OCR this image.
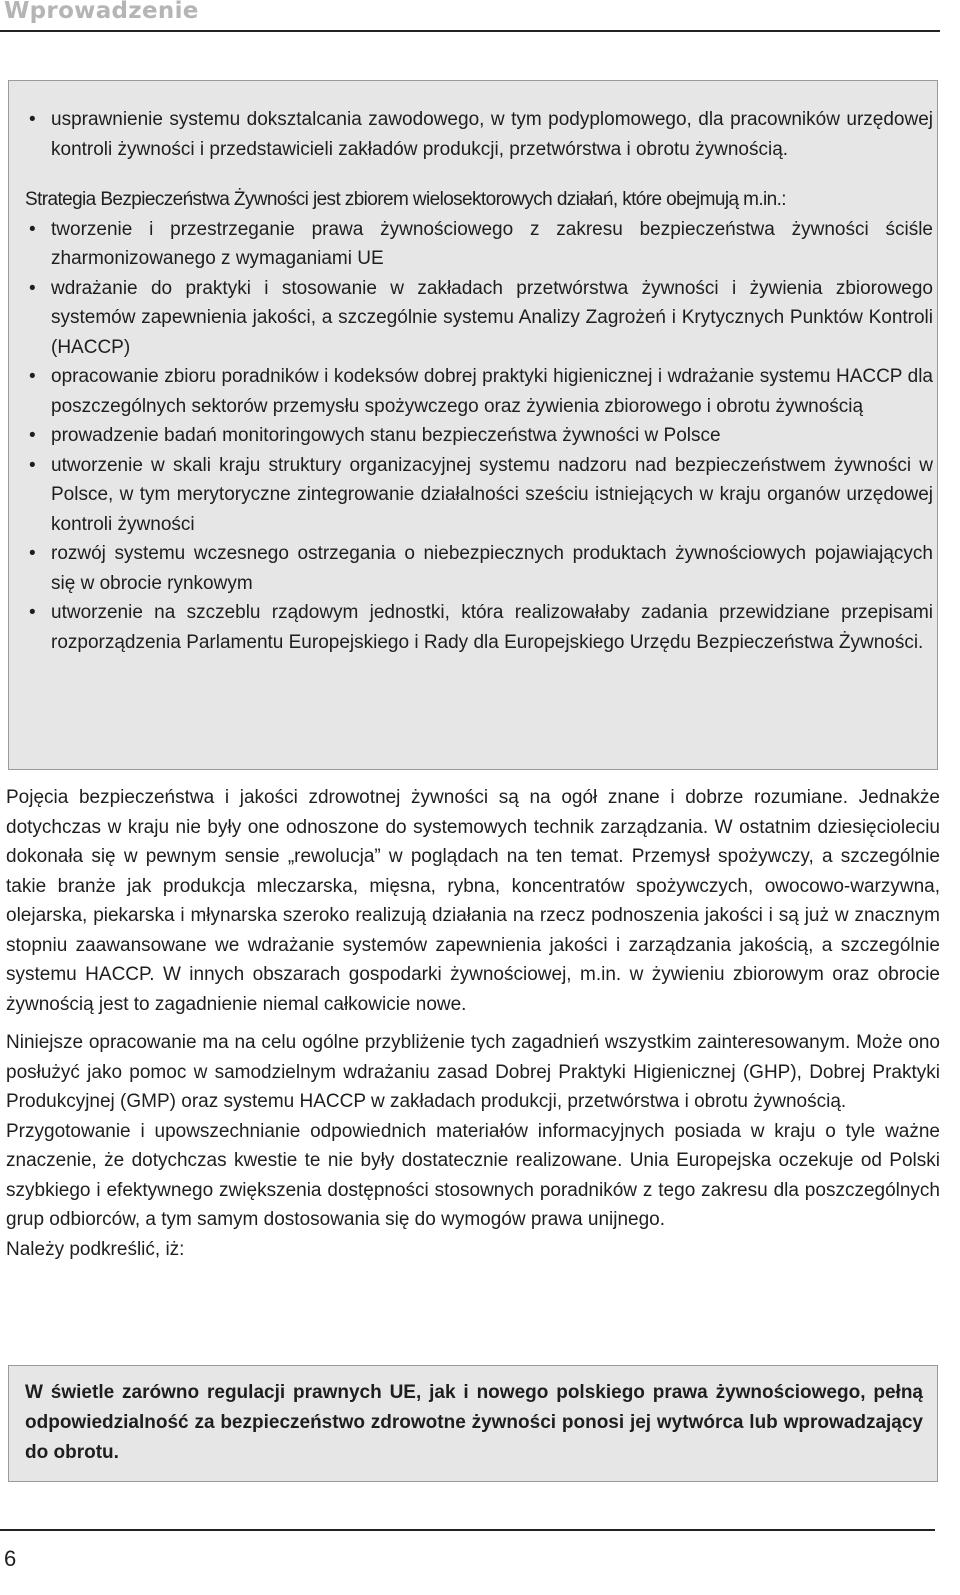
Wprowadzenie
• usprawnienie systemu doksztalcania zawodowego, w tym podyplomowego, dla pracowników urzędowej kontroli żywności i przedstawicieli zakładów produkcji, przetwórstwa i obrotu żywnością.
Strategia Bezpieczeństwa Żywności jest zbiorem wielosektorowych działań, które obejmują m.in.:
• tworzenie i przestrzeganie prawa żywnościowego z zakresu bezpieczeństwa żywności ściśle zharmonizowanego z wymaganiami UE
• wdrażanie do praktyki i stosowanie w zakładach przetwórstwa żywności i żywienia zbiorowego systemów zapewnienia jakości, a szczególnie systemu Analizy Zagrożeń i Krytycznych Punktów Kontroli (HACCP)
• opracowanie zbioru poradników i kodeksów dobrej praktyki higienicznej i wdrażanie systemu HACCP dla poszczególnych sektorów przemysłu spożywczego oraz żywienia zbiorowego i obrotu żywnością
• prowadzenie badań monitoringowych stanu bezpieczeństwa żywności w Polsce
• utworzenie w skali kraju struktury organizacyjnej systemu nadzoru nad bezpieczeństwem żywności w Polsce, w tym merytoryczne zintegrowanie działalności sześciu istniejących w kraju organów urzędowej kontroli żywności
• rozwój systemu wczesnego ostrzegania o niebezpiecznych produktach żywnościowych pojawiających się w obrocie rynkowym
• utworzenie na szczeblu rządowym jednostki, która realizowałaby zadania przewidziane przepisami rozporządzenia Parlamentu Europejskiego i Rady dla Europejskiego Urzędu Bezpieczeństwa Żywności.

Pojęcia bezpieczeństwa i jakości zdrowotnej żywności są na ogół znane i dobrze rozumiane. Jednakże dotychczas w kraju nie były one odnoszone do systemowych technik zarządzania. W ostatnim dziesięcioleciu dokonała się w pewnym sensie „rewolucja” w poglądach na ten temat. Przemysł spożywczy, a szczególnie takie branże jak produkcja mleczarska, mięsna, rybna, koncentratów spożywczych, owocowo-warzywna, olejarska, piekarska i młynarska szeroko realizują działania na rzecz podnoszenia jakości i są już w znacznym stopniu zaawansowane we wdrażanie systemów zapewnienia jakości i zarządzania jakością, a szczególnie systemu HACCP. W innych obszarach gospodarki żywnościowej, m.in. w żywieniu zbiorowym oraz obrocie żywnością jest to zagadnienie niemal całkowicie nowe.

Niniejsze opracowanie ma na celu ogólne przybliżenie tych zagadnień wszystkim zainteresowanym. Może ono posłużyć jako pomoc w samodzielnym wdrażaniu zasad Dobrej Praktyki Higienicznej (GHP), Dobrej Praktyki Produkcyjnej (GMP) oraz systemu HACCP w zakładach produkcji, przetwórstwa i obrotu żywnością.

Przygotowanie i upowszechnianie odpowiednich materiałów informacyjnych posiada w kraju o tyle ważne znaczenie, że dotychczas kwestie te nie były dostatecznie realizowane. Unia Europejska oczekuje od Polski szybkiego i efektywnego zwiększenia dostępności stosownych poradników z tego zakresu dla poszczególnych grup odbiorców, a tym samym dostosowania się do wymogów prawa unijnego.

Należy podkreślić, iż:

W świetle zarówno regulacji prawnych UE, jak i nowego polskiego prawa żywnościowego, pełną odpowiedzialność za bezpieczeństwo zdrowotne żywności ponosi jej wytwórca lub wprowadzający do obrotu.
6
